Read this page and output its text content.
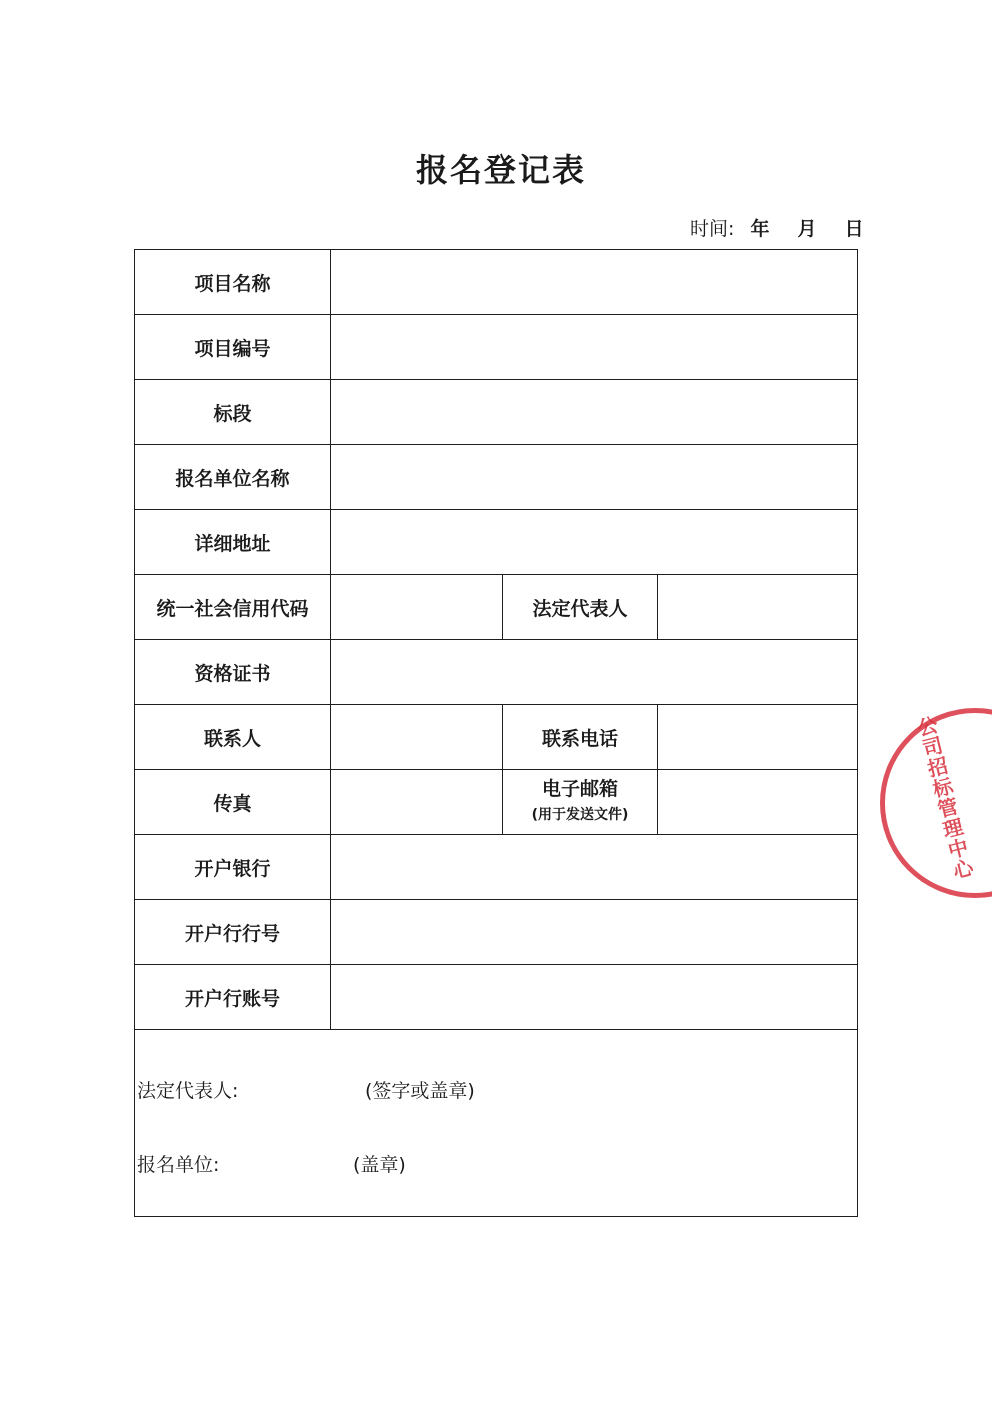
报名登记表
时间: 年 月 日
项目名称			
项目编号			
标段			
报名单位名称			
详细地址			
统一社会信用代码		法定代表人	
资格证书			
联系人		联系电话	
传真		电子邮箱
(用于发送文件)	

开户银行			
开户行行号			
开户行账号			

法定代表人: (签字或盖章)
报名单位: (盖章)			
公司招标管理中心
